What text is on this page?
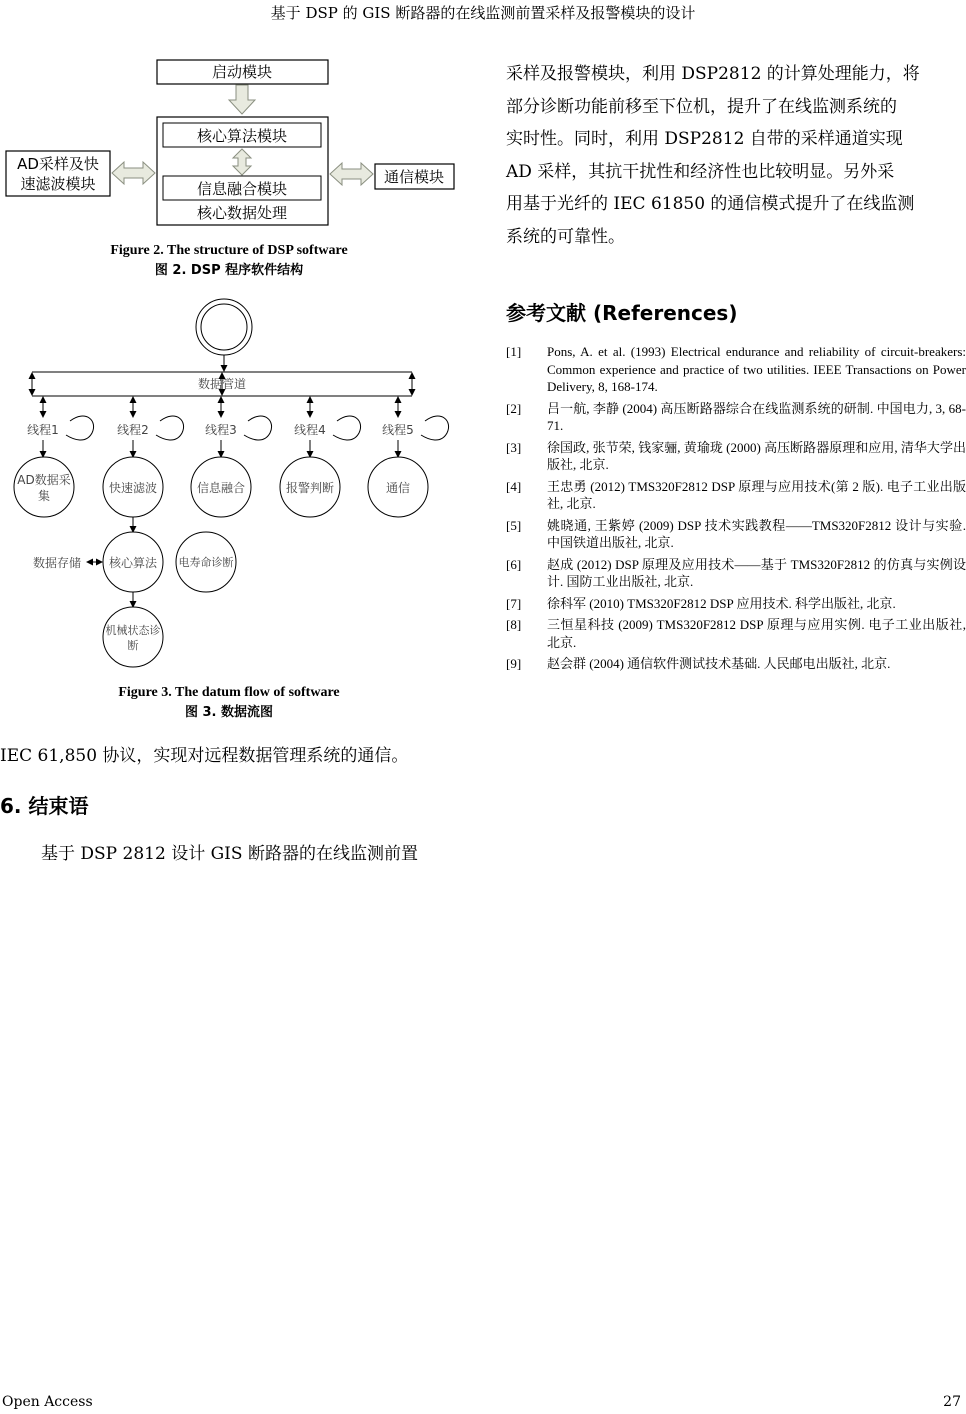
基于 DSP 的 GIS 断路器的在线监测前置采样及报警模块的设计
启动模块
核心算法模块
信息融合模块
核心数据处理
AD采样及快
速滤波模块	通信模块
Figure 2. The structure of DSP software
图 2. DSP 程序软件结构
数据管道
线程1	线程2	线程3	线程4	线程5
AD数据采
集
快速滤波	信息融合	报警判断	通信
核心算法
数据存储	电寿命诊断
机械状态诊
断
Figure 3. The datum flow of software
图 3. 数据流图
IEC 61,850 协议，实现对远程数据管理系统的通信。
6. 结束语
基于 DSP 2812 设计 GIS 断路器的在线监测前置
采样及报警模块，利用 DSP2812 的计算处理能力，将
部分诊断功能前移至下位机，提升了在线监测系统的
实时性。同时，利用 DSP2812 自带的采样通道实现
AD 采样，其抗干扰性和经济性也比较明显。另外采
用基于光纤的 IEC 61850 的通信模式提升了在线监测
系统的可靠性。
参考文献 (References)
[1]	Pons, A. et al. (1993) Electrical endurance and reliability of circuit-breakers: Common experience and practice of two utilities. IEEE Transactions on Power Delivery, 8, 168-174.
[2]	吕一航, 李静 (2004) 高压断路器综合在线监测系统的研制. 中国电力, 3, 68-71.
[3]	徐国政, 张节荣, 钱家骊, 黄瑜珑 (2000) 高压断路器原理和应用, 清华大学出版社, 北京.
[4]	王忠勇 (2012) TMS320F2812 DSP 原理与应用技术(第 2 版). 电子工业出版社, 北京.
[5]	姚晓通, 王紫婷 (2009) DSP 技术实践教程——TMS320F2812 设计与实验. 中国铁道出版社, 北京.
[6]	赵成 (2012) DSP 原理及应用技术——基于 TMS320F2812 的仿真与实例设计. 国防工业出版社, 北京.
[7]	徐科军 (2010) TMS320F2812 DSP 应用技术. 科学出版社, 北京.
[8]	三恒星科技 (2009) TMS320F2812 DSP 原理与应用实例. 电子工业出版社, 北京.
[9]	赵会群 (2004) 通信软件测试技术基础. 人民邮电出版社, 北京.
Open Access	27
